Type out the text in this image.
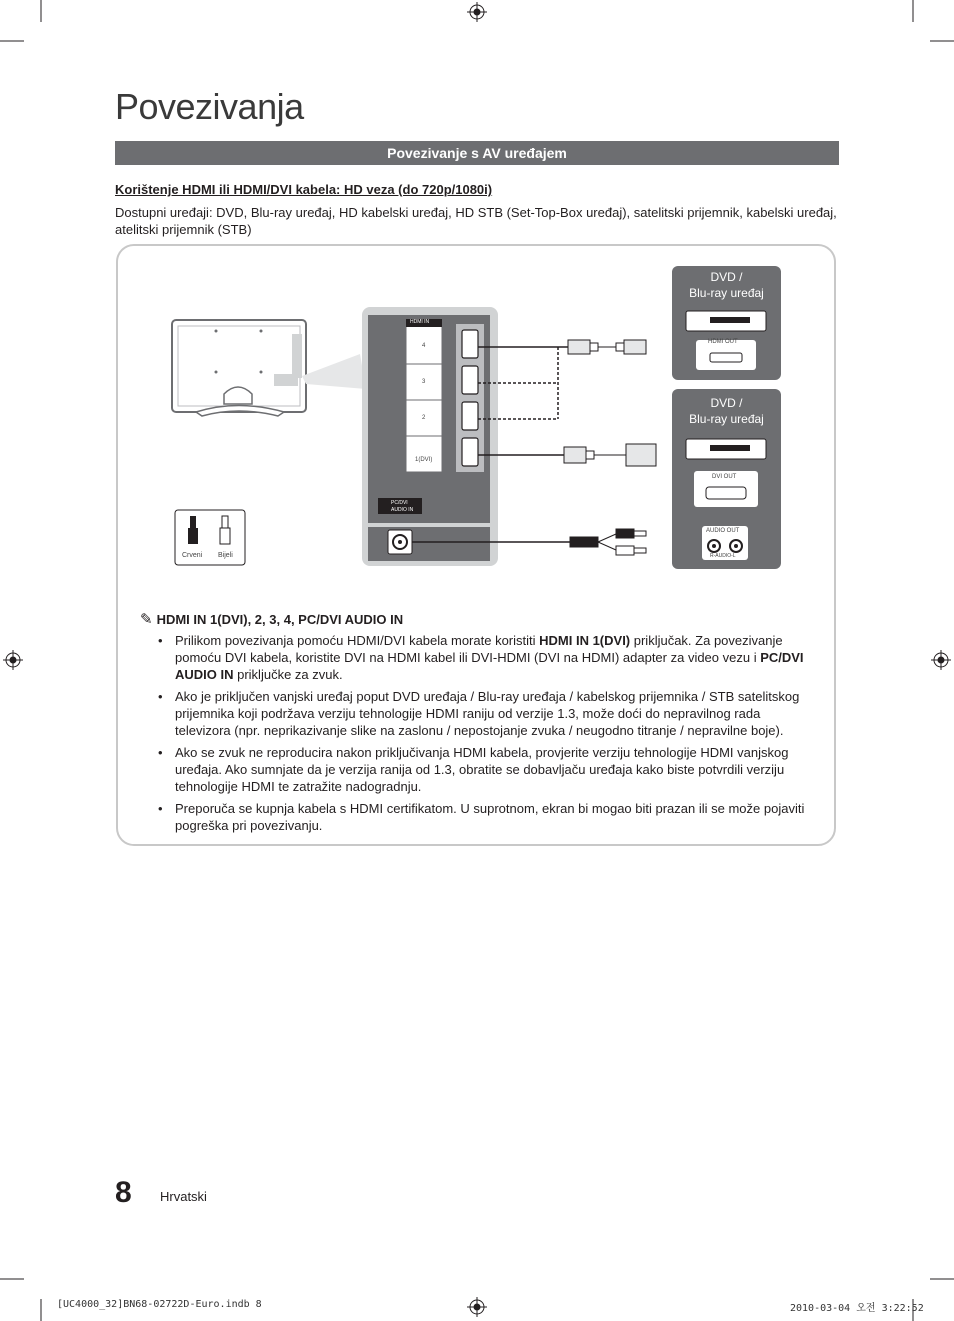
Povezivanja
Povezivanje s AV uređajem
Korištenje HDMI ili HDMI/DVI kabela: HD veza (do 720p/1080i)
Dostupni uređaji: DVD, Blu-ray uređaj, HD kabelski uređaj, HD STB (Set-Top-Box uređaj), satelitski prijemnik, kabelski uređaj, atelitski prijemnik (STB)
DVD /
Blu-ray uređaj
HDMI OUT
DVD /
Blu-ray uređaj
DVI OUT
AUDIO OUT
R-AUDIO-L
HDMI IN
4
3
2
1(DVI)
PC/DVI
AUDIO IN
Crveni Bijeli
✎ HDMI IN 1(DVI), 2, 3, 4, PC/DVI AUDIO IN
• Prilikom povezivanja pomoću HDMI/DVI kabela morate koristiti HDMI IN 1(DVI) priključak. Za povezivanje pomoću DVI kabela, koristite DVI na HDMI kabel ili DVI-HDMI (DVI na HDMI) adapter za video vezu i PC/DVI AUDIO IN priključke za zvuk.
• Ako je priključen vanjski uređaj poput DVD uređaja / Blu-ray uređaja / kabelskog prijemnika / STB satelitskog prijemnika koji podržava verziju tehnologije HDMI raniju od verzije 1.3, može doći do nepravilnog rada televizora (npr. neprikazivanje slike na zaslonu / nepostojanje zvuka / neugodno titranje / nepravilne boje).
• Ako se zvuk ne reproducira nakon priključivanja HDMI kabela, provjerite verziju tehnologije HDMI vanjskog uređaja. Ako sumnjate da je verzija ranija od 1.3, obratite se dobavljaču uređaja kako biste potvrdili verziju tehnologije HDMI te zatražite nadogradnju.
• Preporuča se kupnja kabela s HDMI certifikatom. U suprotnom, ekran bi mogao biti prazan ili se može pojaviti pogreška pri povezivanju.
8 Hrvatski
[UC4000_32]BN68-02722D-Euro.indb 8	2010-03-04 오전 3:22:52
